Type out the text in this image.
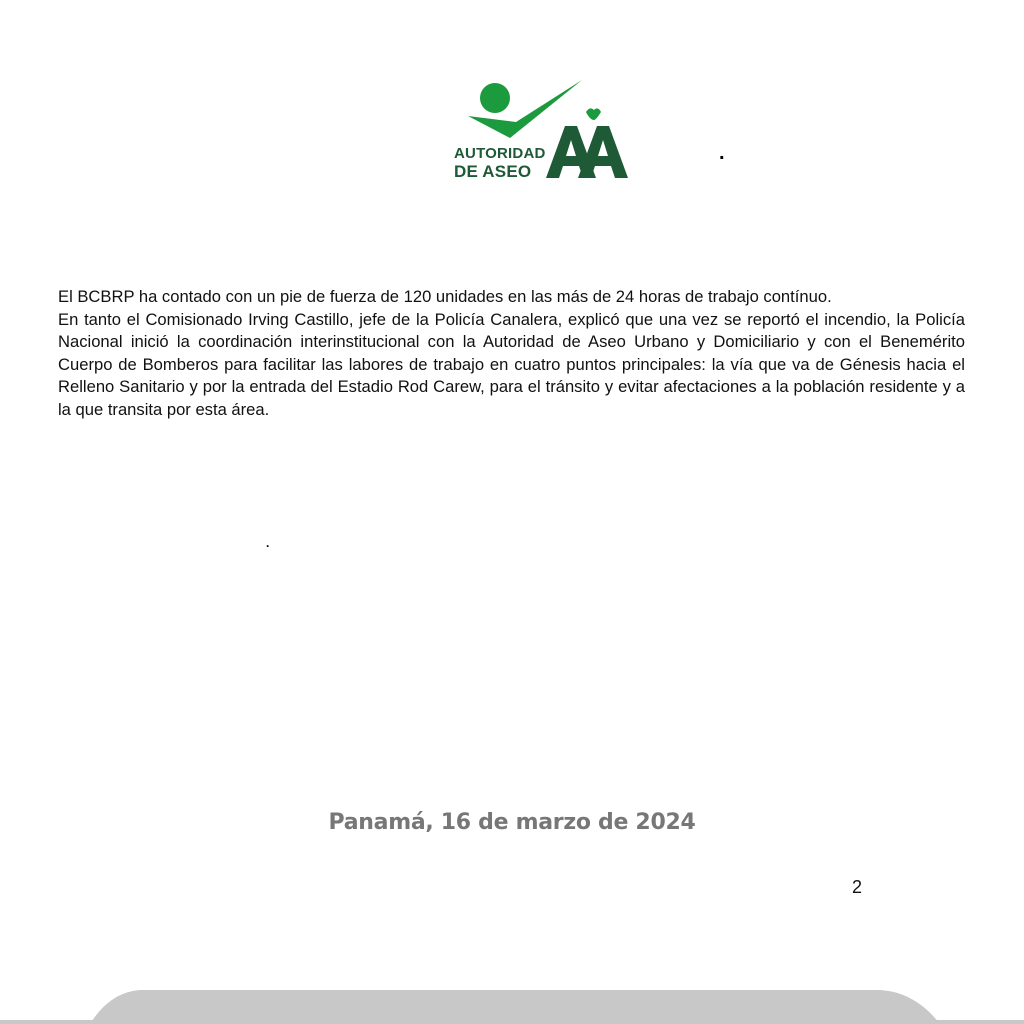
AUTORIDAD
DE ASEO
.

El BCBRP ha contado con un pie de fuerza de 120 unidades en las más de 24 horas de trabajo contínuo.

En tanto el Comisionado Irving Castillo, jefe de la Policía Canalera, explicó que una vez se reportó el incendio, la Policía Nacional inició la coordinación interinstitucional con la Autoridad de Aseo Urbano y Domiciliario y con el Benemérito Cuerpo de Bomberos para facilitar las labores de trabajo en cuatro puntos principales: la vía que va de Génesis hacia el Relleno Sanitario y por la entrada del Estadio Rod Carew, para el tránsito y evitar afectaciones a la población residente y a la que transita por esta área.

.
Panamá, 16 de marzo de 2024
2
